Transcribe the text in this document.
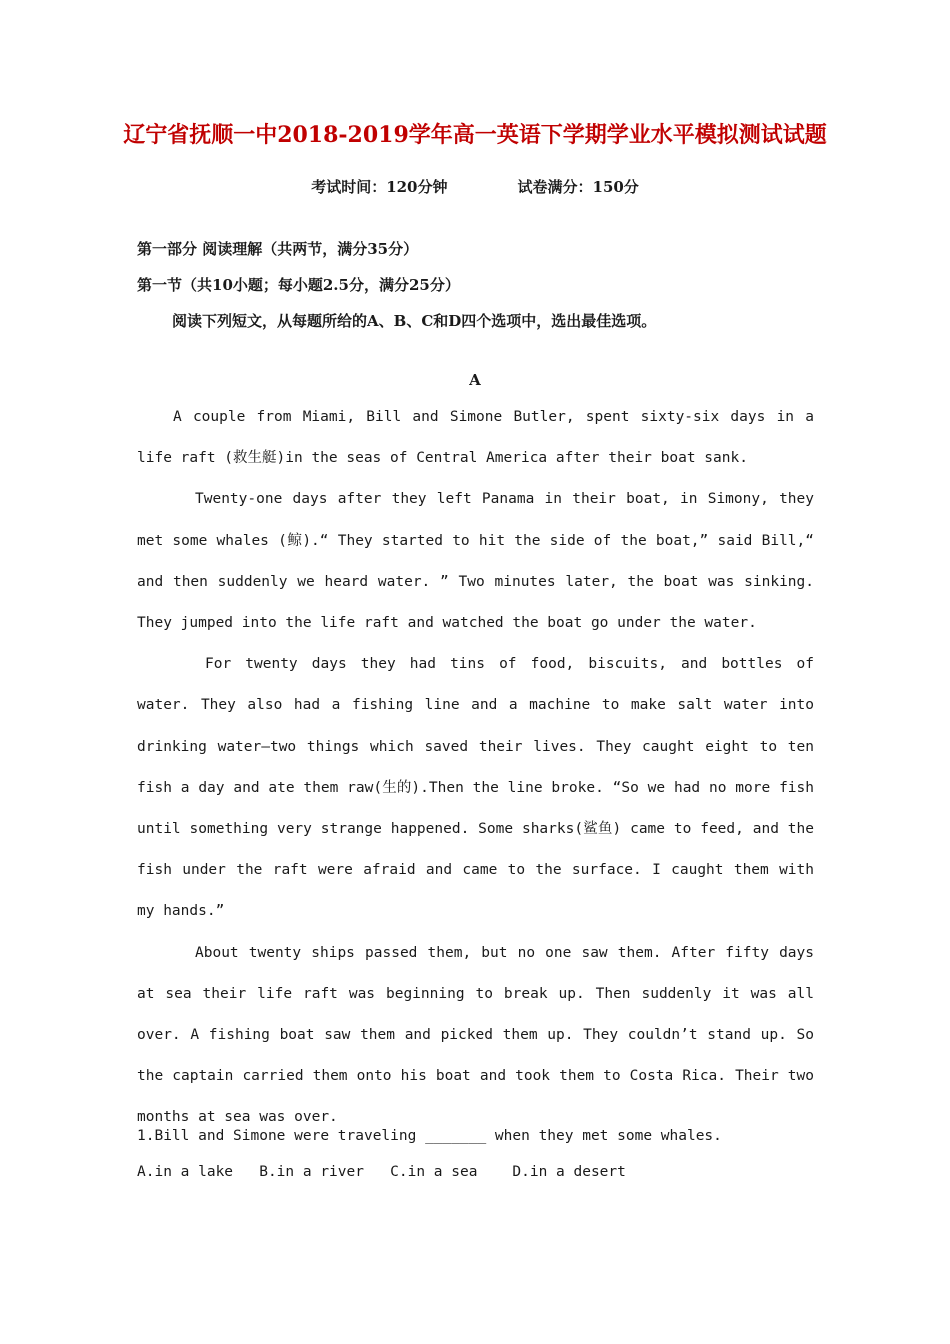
辽宁省抚顺一中2018-2019学年高一英语下学期学业水平模拟测试试题
考试时间：120分钟	试卷满分：150分
第一部分 阅读理解（共两节，满分35分）
第一节（共10小题；每小题2.5分，满分25分）
阅读下列短文，从每题所给的A、B、C和D四个选项中，选出最佳选项。
A

A couple from Miami, Bill and Simone Butler, spent sixty-six days in a life raft (救生艇)in the seas of Central America after their boat sank.

Twenty-one days after they left Panama in their boat, in Simony, they met some whales (鲸).“ They started to hit the side of the boat,” said Bill,“ and then suddenly we heard water. ” Two minutes later, the boat was sinking. They jumped into the life raft and watched the boat go under the water.

For twenty days they had tins of food, biscuits, and bottles of water. They also had a fishing line and a machine to make salt water into drinking water—two things which saved their lives. They caught eight to ten fish a day and ate them raw(生的).Then the line broke. “So we had no more fish until something very strange happened. Some sharks(鲨鱼) came to feed, and the fish under the raft were afraid and came to the surface. I caught them with my hands.”

About twenty ships passed them, but no one saw them. After fifty days at sea their life raft was beginning to break up. Then suddenly it was all over. A fishing boat saw them and picked them up. They couldn’t stand up. So the captain carried them onto his boat and took them to Costa Rica. Their two months at sea was over.

1.Bill and Simone were traveling _______ when they met some whales.
A.in a lake   B.in a river   C.in a sea    D.in a desert
